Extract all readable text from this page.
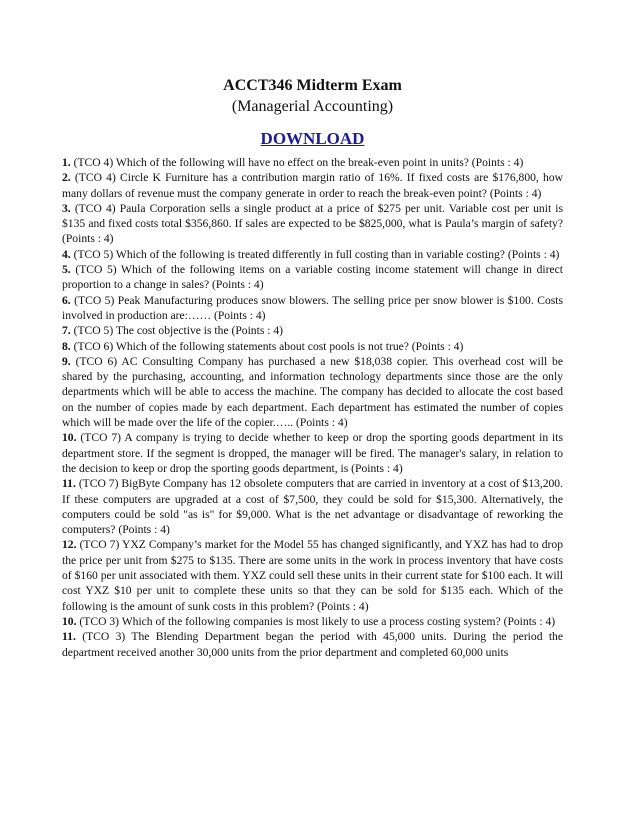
ACCT346 Midterm Exam

(Managerial Accounting)

DOWNLOAD

1. (TCO 4) Which of the following will have no effect on the break-even point in units? (Points : 4)

2. (TCO 4) Circle K Furniture has a contribution margin ratio of 16%. If fixed costs are $176,800, how many dollars of revenue must the company generate in order to reach the break-even point? (Points : 4)

3. (TCO 4) Paula Corporation sells a single product at a price of $275 per unit. Variable cost per unit is $135 and fixed costs total $356,860. If sales are expected to be $825,000, what is Paula’s margin of safety? (Points : 4)

4. (TCO 5) Which of the following is treated differently in full costing than in variable costing? (Points : 4)

5. (TCO 5) Which of the following items on a variable costing income statement will change in direct proportion to a change in sales? (Points : 4)

6. (TCO 5) Peak Manufacturing produces snow blowers. The selling price per snow blower is $100. Costs involved in production are:…… (Points : 4)

7. (TCO 5) The cost objective is the (Points : 4)

8. (TCO 6) Which of the following statements about cost pools is not true? (Points : 4)

9. (TCO 6) AC Consulting Company has purchased a new $18,038 copier. This overhead cost will be shared by the purchasing, accounting, and information technology departments since those are the only departments which will be able to access the machine. The company has decided to allocate the cost based on the number of copies made by each department. Each department has estimated the number of copies which will be made over the life of the copier.….. (Points : 4)

10. (TCO 7) A company is trying to decide whether to keep or drop the sporting goods department in its department store. If the segment is dropped, the manager will be fired. The manager's salary, in relation to the decision to keep or drop the sporting goods department, is (Points : 4)

11. (TCO 7) BigByte Company has 12 obsolete computers that are carried in inventory at a cost of $13,200. If these computers are upgraded at a cost of $7,500, they could be sold for $15,300. Alternatively, the computers could be sold "as is" for $9,000. What is the net advantage or disadvantage of reworking the computers? (Points : 4)

12. (TCO 7) YXZ Company’s market for the Model 55 has changed significantly, and YXZ has had to drop the price per unit from $275 to $135. There are some units in the work in process inventory that have costs of $160 per unit associated with them. YXZ could sell these units in their current state for $100 each. It will cost YXZ $10 per unit to complete these units so that they can be sold for $135 each. Which of the following is the amount of sunk costs in this problem? (Points : 4)

10. (TCO 3) Which of the following companies is most likely to use a process costing system? (Points : 4)

11. (TCO 3) The Blending Department began the period with 45,000 units. During the period the department received another 30,000 units from the prior department and completed 60,000 units
